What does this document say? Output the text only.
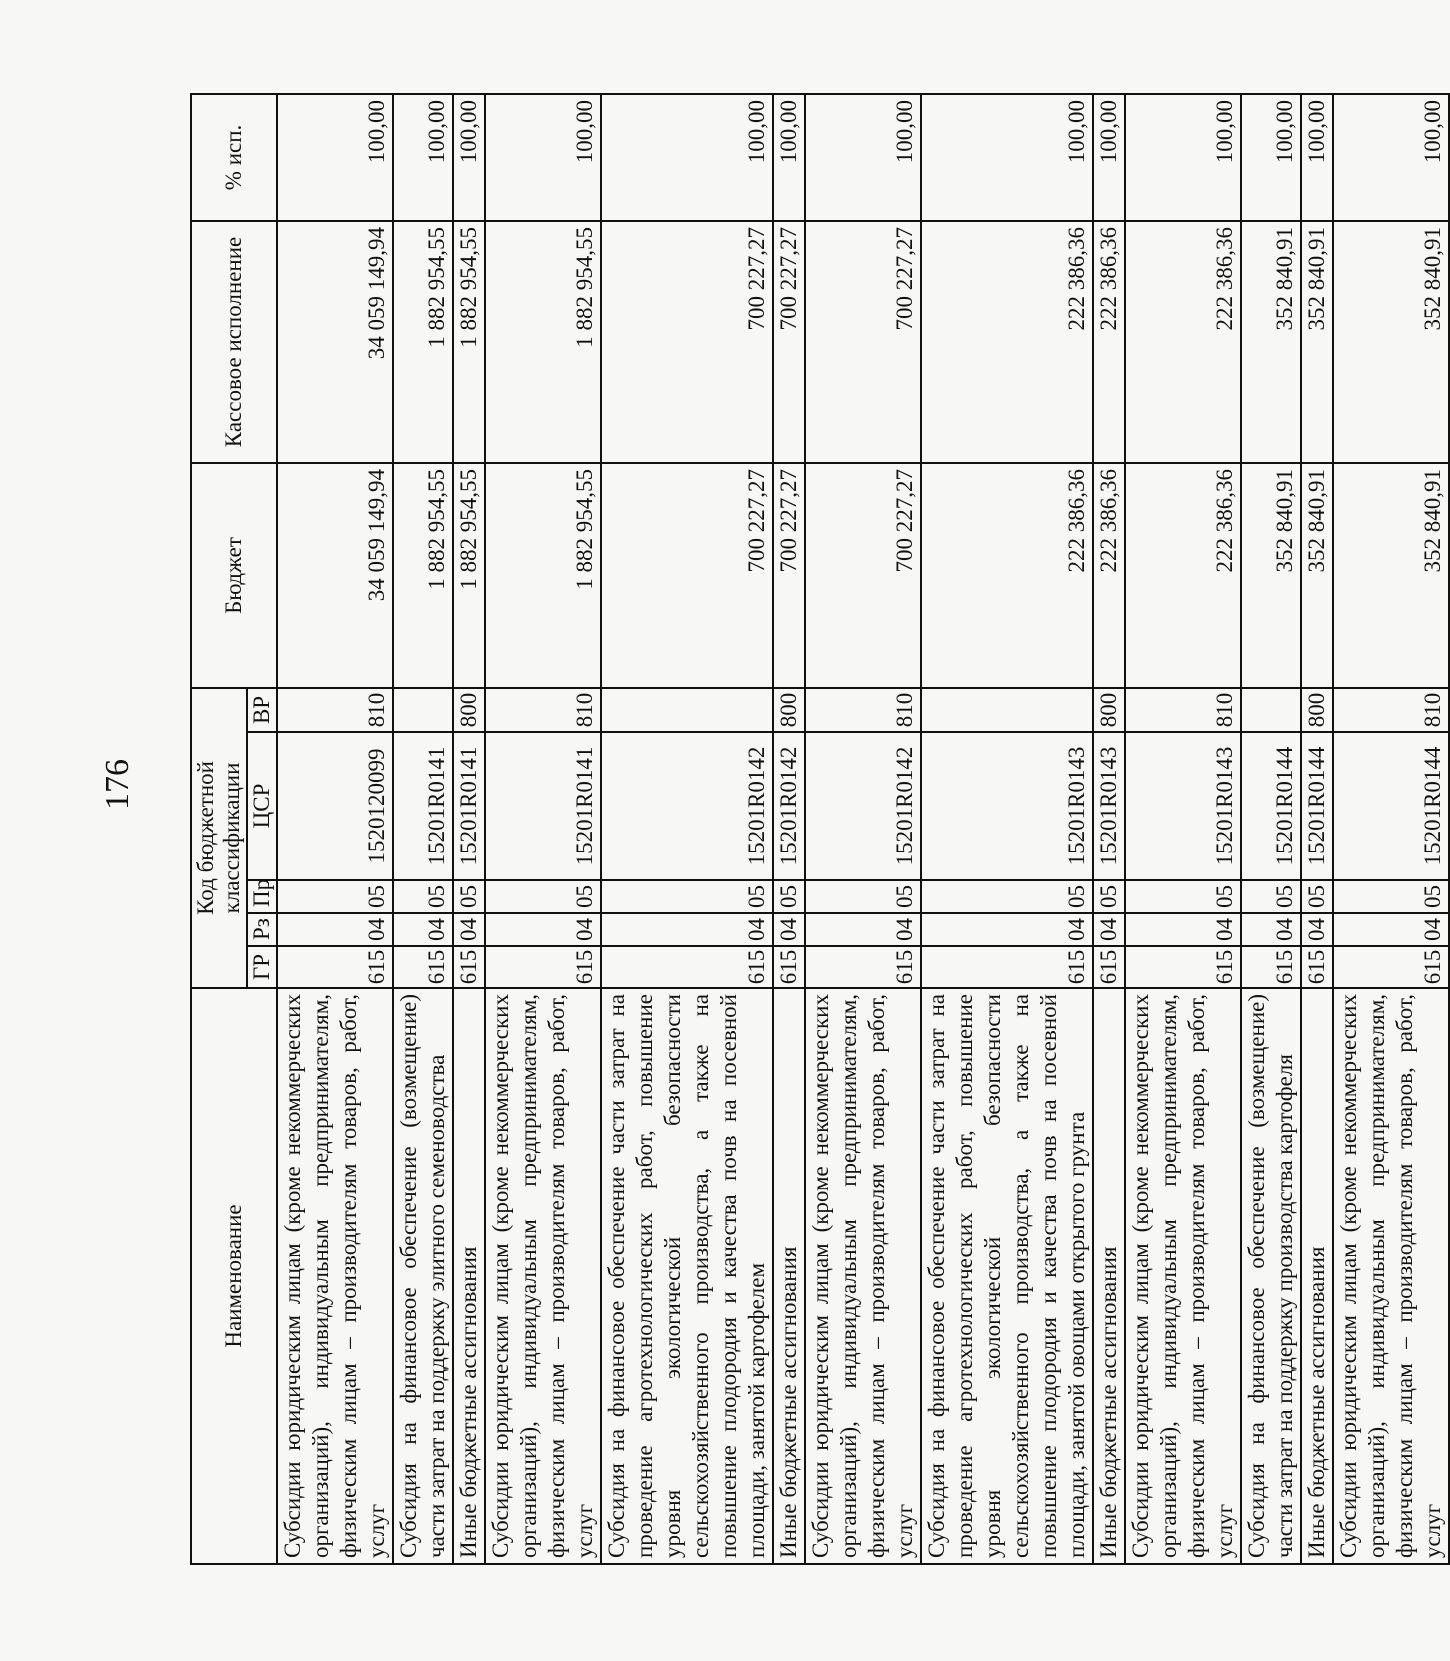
176
Наименование	Код бюджетной классификации					Бюджет	Кассовое исполнение	% исп.
	ГР	Рз	Пр	ЦСР	ВР			
Субсидии юридическим лицам (кроме некоммерческих организаций), индивидуальным предпринимателям, физическим лицам – производителям товаров, работ, услуг	615	04	05	1520120099	810	34 059 149,94	34 059 149,94	100,00
Субсидия на финансовое обеспечение (возмещение) части затрат на поддержку элитного семеноводства	615	04	05	15201R0141		1 882 954,55	1 882 954,55	100,00
Иные бюджетные ассигнования	615	04	05	15201R0141	800	1 882 954,55	1 882 954,55	100,00
Субсидии юридическим лицам (кроме некоммерческих организаций), индивидуальным предпринимателям, физическим лицам – производителям товаров, работ, услуг	615	04	05	15201R0141	810	1 882 954,55	1 882 954,55	100,00
Субсидия на финансовое обеспечение части затрат на проведение агротехнологических работ, повышение уровня экологической безопасности сельскохозяйственного производства, а также на повышение плодородия и качества почв на посевной площади, занятой картофелем	615	04	05	15201R0142		700 227,27	700 227,27	100,00
Иные бюджетные ассигнования	615	04	05	15201R0142	800	700 227,27	700 227,27	100,00
Субсидии юридическим лицам (кроме некоммерческих организаций), индивидуальным предпринимателям, физическим лицам – производителям товаров, работ, услуг	615	04	05	15201R0142	810	700 227,27	700 227,27	100,00
Субсидия на финансовое обеспечение части затрат на проведение агротехнологических работ, повышение уровня экологической безопасности сельскохозяйственного производства, а также на повышение плодородия и качества почв на посевной площади, занятой овощами открытого грунта	615	04	05	15201R0143		222 386,36	222 386,36	100,00
Иные бюджетные ассигнования	615	04	05	15201R0143	800	222 386,36	222 386,36	100,00
Субсидии юридическим лицам (кроме некоммерческих организаций), индивидуальным предпринимателям, физическим лицам – производителям товаров, работ, услуг	615	04	05	15201R0143	810	222 386,36	222 386,36	100,00
Субсидия на финансовое обеспечение (возмещение) части затрат на поддержку производства картофеля	615	04	05	15201R0144		352 840,91	352 840,91	100,00
Иные бюджетные ассигнования	615	04	05	15201R0144	800	352 840,91	352 840,91	100,00
Субсидии юридическим лицам (кроме некоммерческих организаций), индивидуальным предпринимателям, физическим лицам – производителям товаров, работ, услуг	615	04	05	15201R0144	810	352 840,91	352 840,91	100,00
